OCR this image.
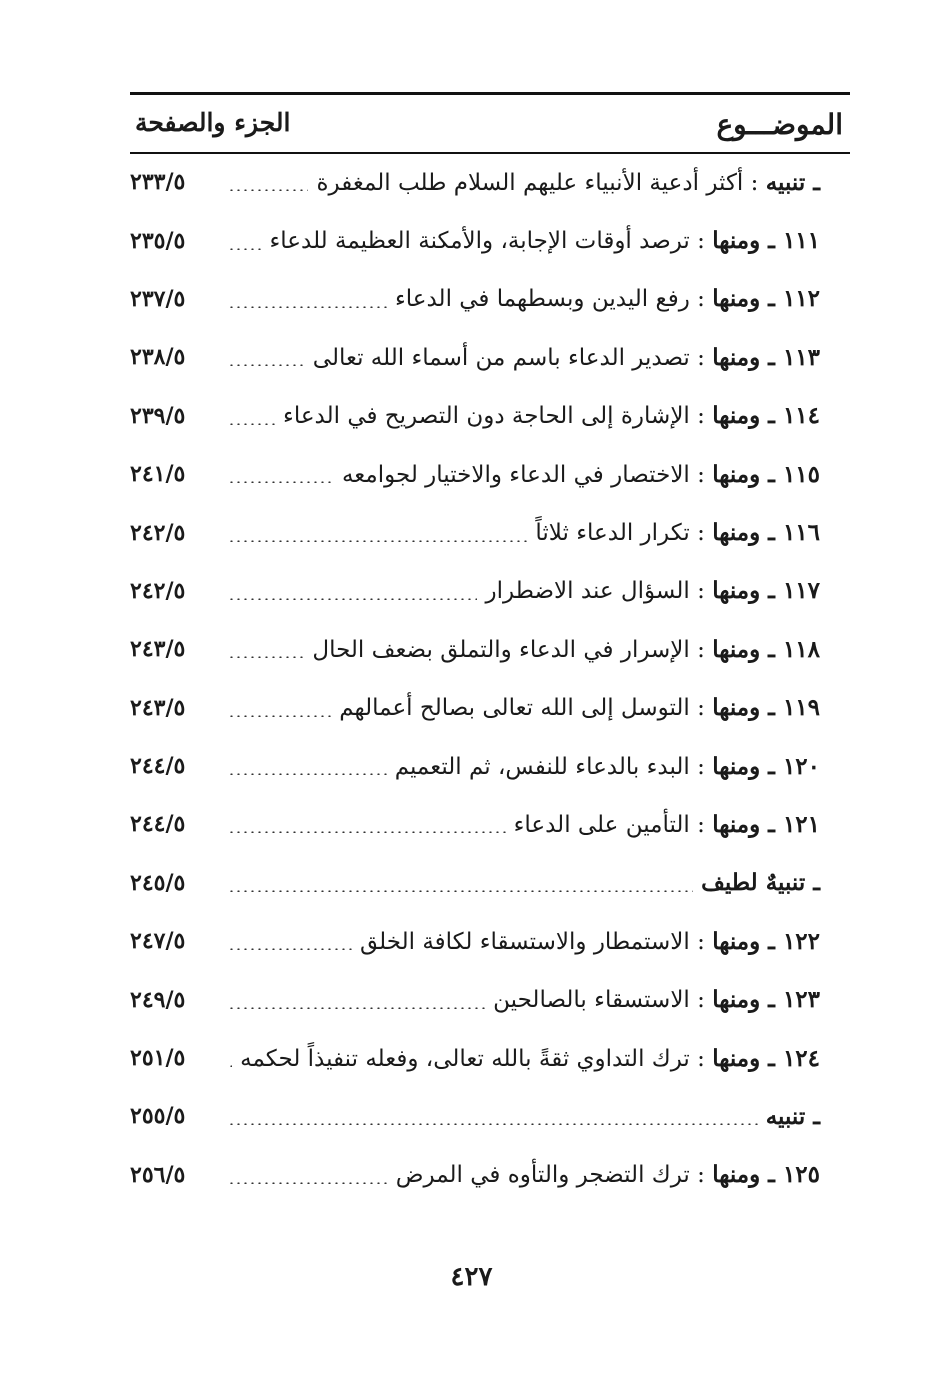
الموضـــوع
الجزء والصفحة
ـ تنبيه : أكثر أدعية الأنبياء عليهم السلام طلب المغفرة
٢٣٣/٥
١١١ ـ ومنها : ترصد أوقات الإجابة، والأمكنة العظيمة للدعاء
٢٣٥/٥
١١٢ ـ ومنها : رفع اليدين وبسطهما في الدعاء
٢٣٧/٥
١١٣ ـ ومنها : تصدير الدعاء باسم من أسماء الله تعالى
٢٣٨/٥
١١٤ ـ ومنها : الإشارة إلى الحاجة دون التصريح في الدعاء
٢٣٩/٥
١١٥ ـ ومنها : الاختصار في الدعاء والاختيار لجوامعه
٢٤١/٥
١١٦ ـ ومنها : تكرار الدعاء ثلاثاً
٢٤٢/٥
١١٧ ـ ومنها : السؤال عند الاضطرار
٢٤٢/٥
١١٨ ـ ومنها : الإسرار في الدعاء والتملق بضعف الحال
٢٤٣/٥
١١٩ ـ ومنها : التوسل إلى الله تعالى بصالح أعمالهم
٢٤٣/٥
١٢٠ ـ ومنها : البدء بالدعاء للنفس، ثم التعميم
٢٤٤/٥
١٢١ ـ ومنها : التأمين على الدعاء
٢٤٤/٥
ـ تنبيهٌ لطيف
٢٤٥/٥
١٢٢ ـ ومنها : الاستمطار والاستسقاء لكافة الخلق
٢٤٧/٥
١٢٣ ـ ومنها : الاستسقاء بالصالحين
٢٤٩/٥
١٢٤ ـ ومنها : ترك التداوي ثقةً بالله تعالى، وفعله تنفيذاً لحكمه
٢٥١/٥
ـ تنبيه
٢٥٥/٥
١٢٥ ـ ومنها : ترك التضجر والتأوه في المرض
٢٥٦/٥
٤٢٧
